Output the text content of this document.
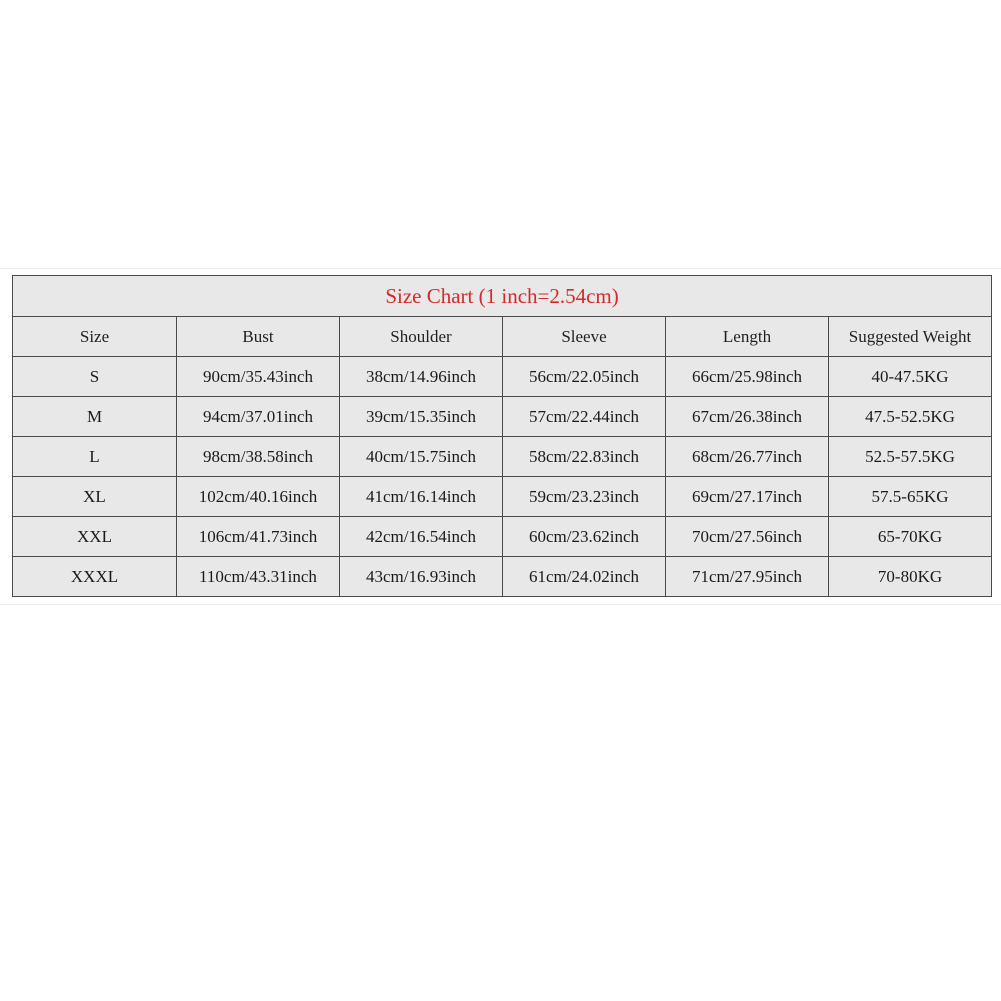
Size Chart (1 inch=2.54cm)					
Size	Bust	Shoulder	Sleeve	Length	Suggested Weight
S	90cm/35.43inch	38cm/14.96inch	56cm/22.05inch	66cm/25.98inch	40-47.5KG
M	94cm/37.01inch	39cm/15.35inch	57cm/22.44inch	67cm/26.38inch	47.5-52.5KG
L	98cm/38.58inch	40cm/15.75inch	58cm/22.83inch	68cm/26.77inch	52.5-57.5KG
XL	102cm/40.16inch	41cm/16.14inch	59cm/23.23inch	69cm/27.17inch	57.5-65KG
XXL	106cm/41.73inch	42cm/16.54inch	60cm/23.62inch	70cm/27.56inch	65-70KG
XXXL	110cm/43.31inch	43cm/16.93inch	61cm/24.02inch	71cm/27.95inch	70-80KG
